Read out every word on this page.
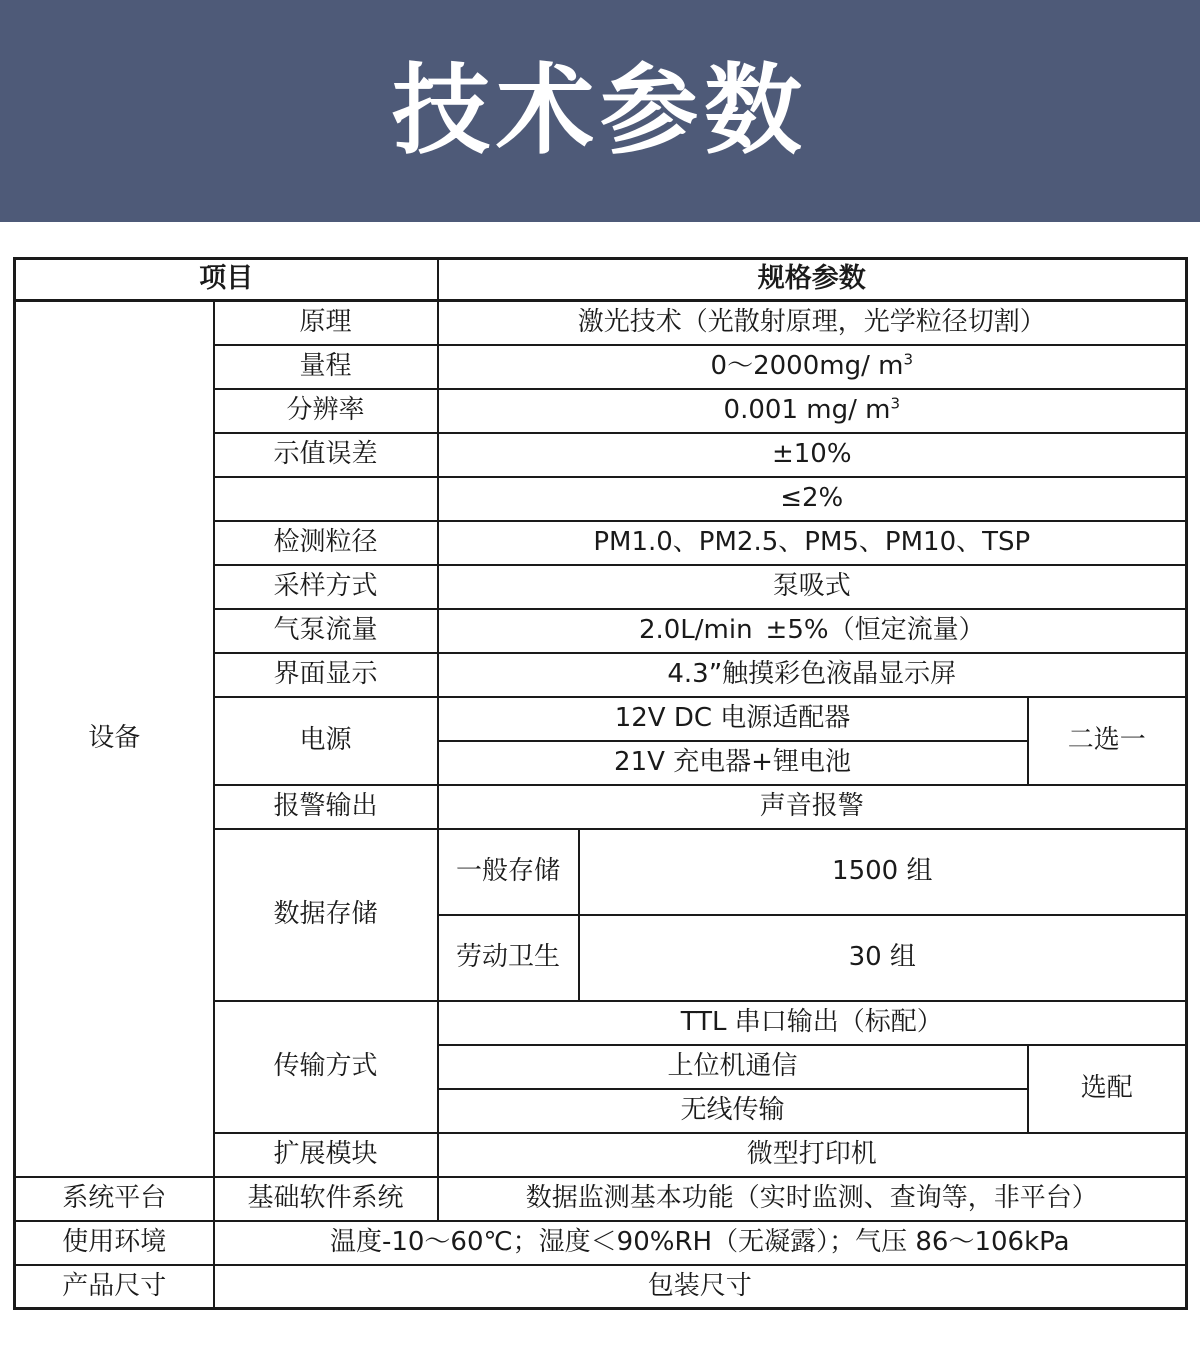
技术参数
项目		规格参数		
设备	原理	激光技术（光散射原理，光学粒径切割）		
	量程	0～2000mg/ $m^3$
	分辨率	0.001 mg/ $m^3$
	示值误差	±10%		
		≤2%		
	检测粒径	PM1.0、PM2.5、PM5、PM10、TSP		
	采样方式	泵吸式		
	气泵流量	2.0L/min ±5%（恒定流量）		
	界面显示	4.3”触摸彩色液晶显示屏		
	电源	12V DC 电源适配器		二选一
		21V 充电器+锂电池		
	报警输出	声音报警		
	数据存储	一般存储	1500 组	
		劳动卫生	30 组	
	传输方式	TTL 串口输出（标配）		
		上位机通信		选配
		无线传输		
	扩展模块	微型打印机		
系统平台	基础软件系统	数据监测基本功能（实时监测、查询等，非平台）		
使用环境	温度-10～60℃；湿度＜90%RH（无凝露）；气压 86～106kPa			
产品尺寸	包装尺寸			
